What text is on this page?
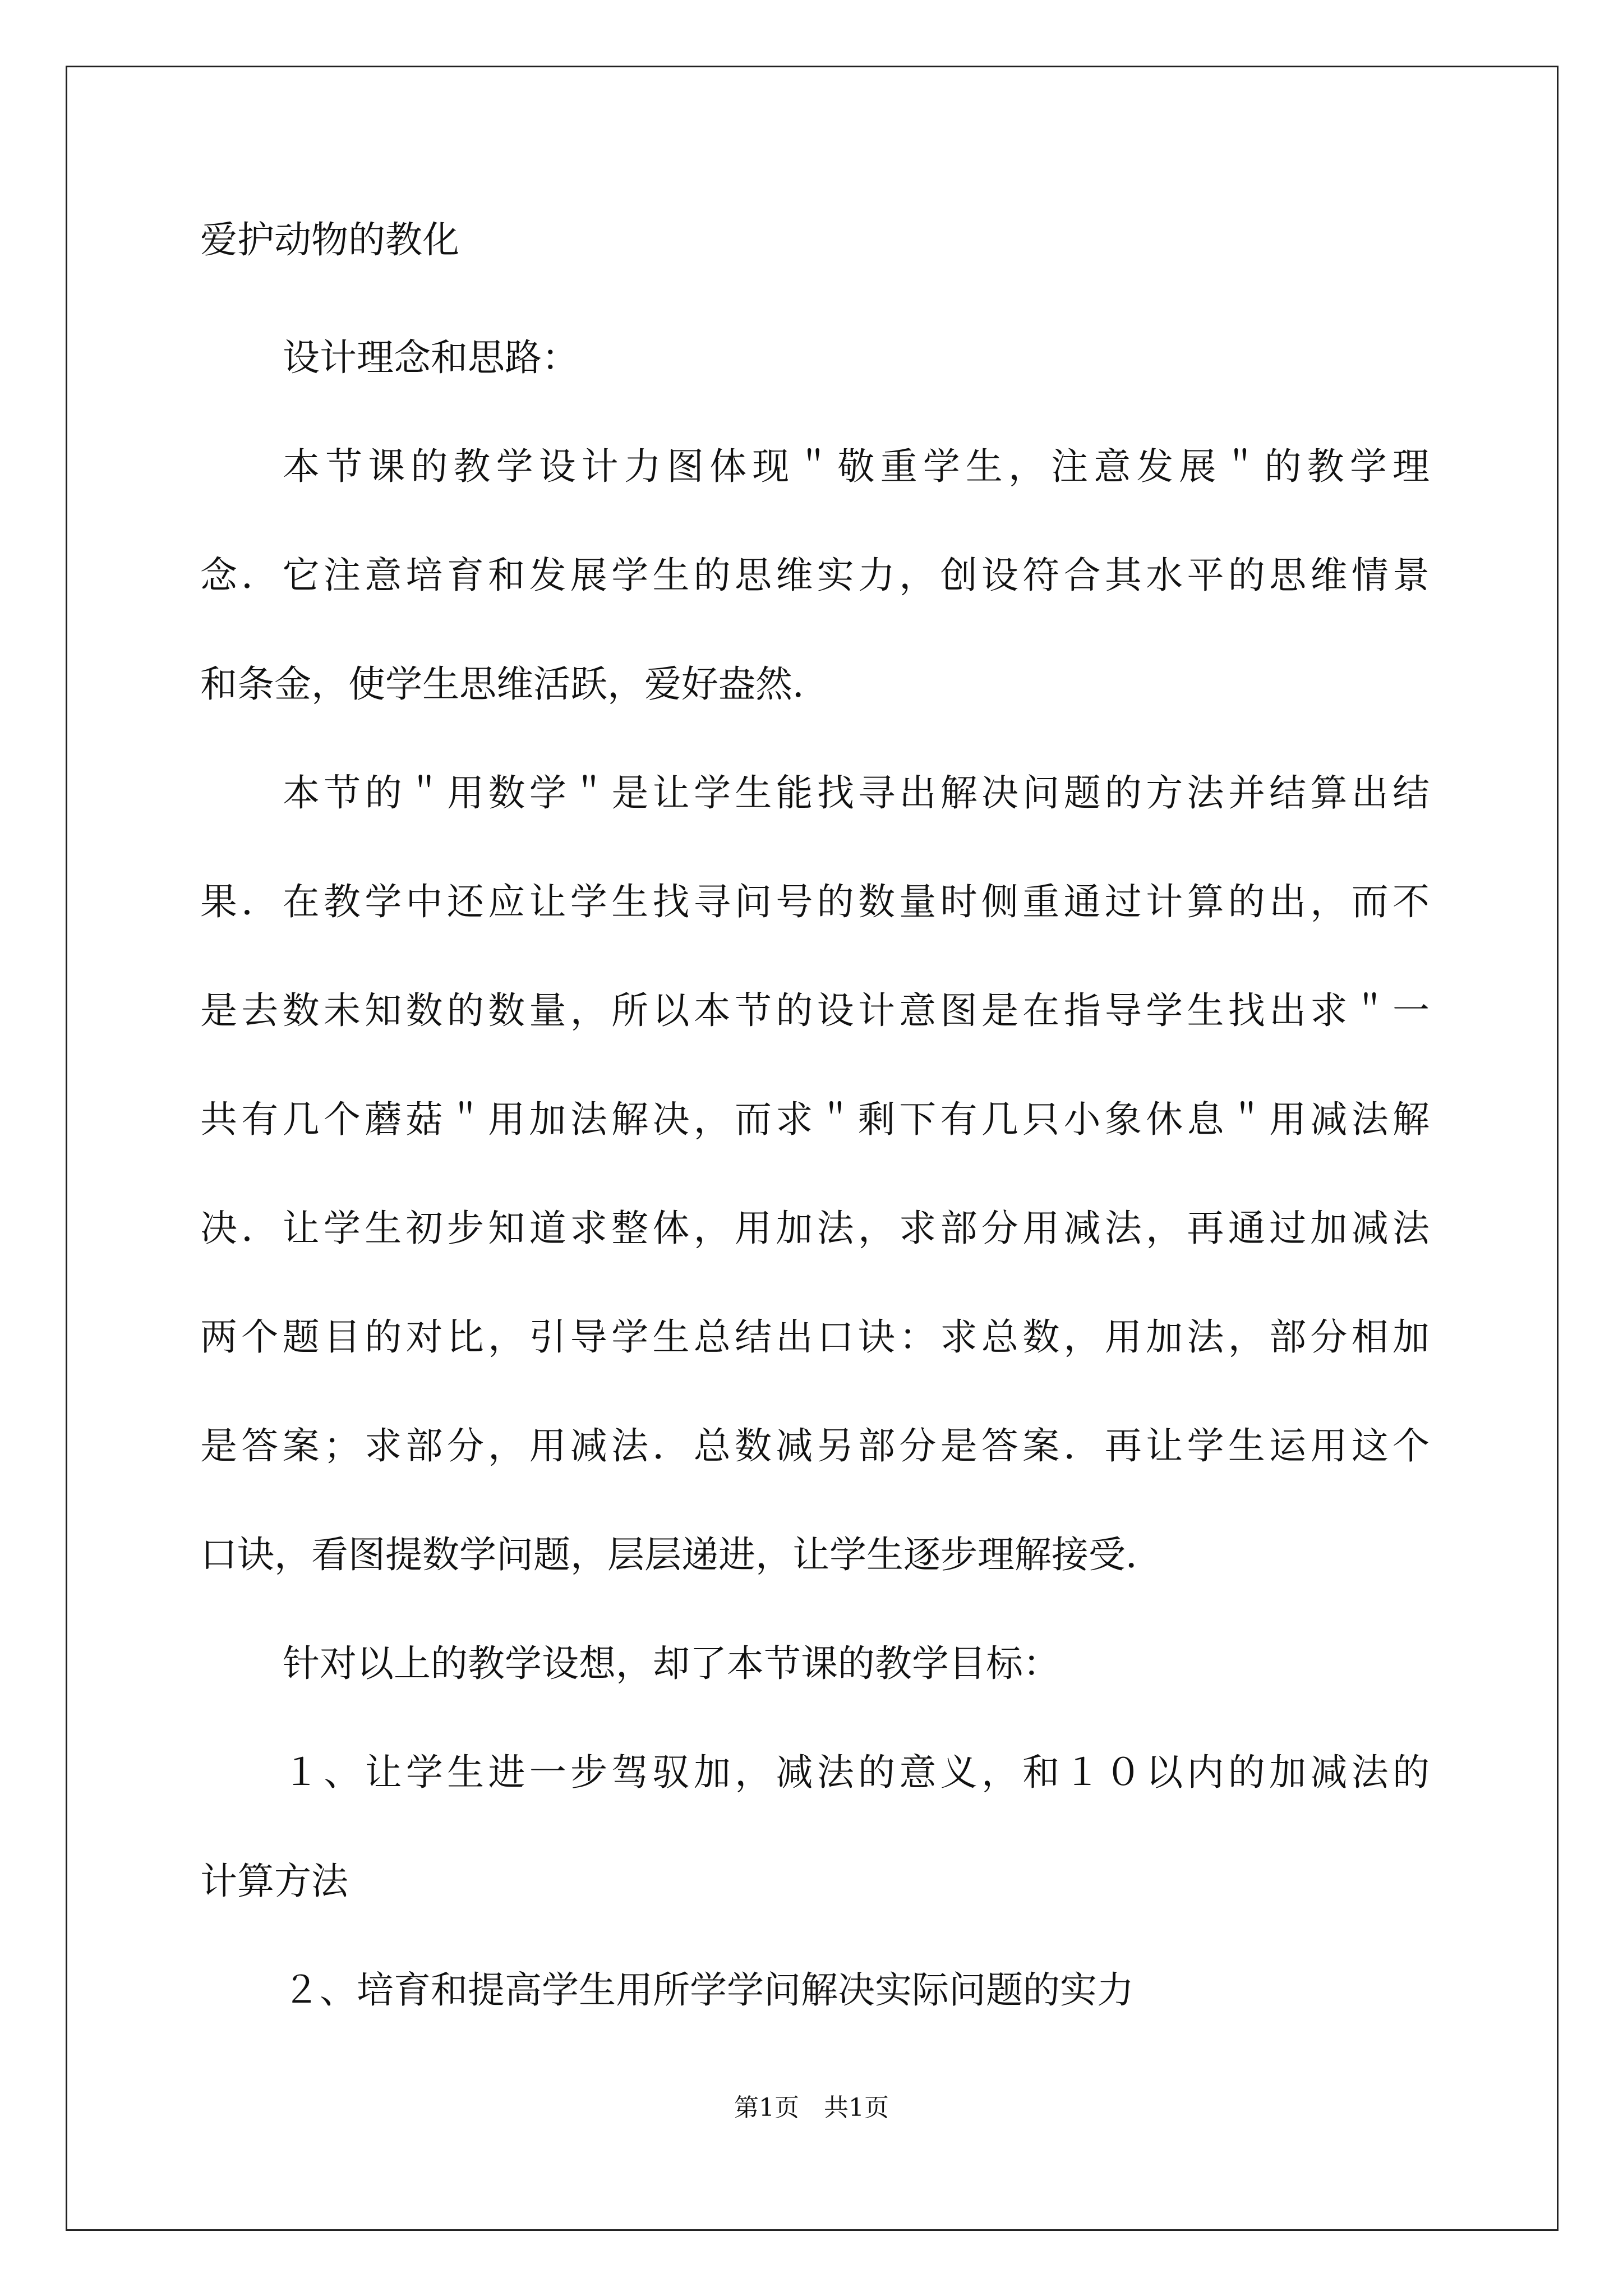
爱护动物的教化

设计理念和思路：

本节课的教学设计力图体现＂敬重学生，注意发展＂的教学理

念．它注意培育和发展学生的思维实力，创设符合其水平的思维情景

和条金，使学生思维活跃，爱好盎然．

本节的＂用数学＂是让学生能找寻出解决问题的方法并结算出结

果．在教学中还应让学生找寻问号的数量时侧重通过计算的出，而不

是去数未知数的数量，所以本节的设计意图是在指导学生找出求＂一

共有几个蘑菇＂用加法解决，而求＂剩下有几只小象休息＂用减法解

决．让学生初步知道求整体，用加法，求部分用减法，再通过加减法

两个题目的对比，引导学生总结出口诀：求总数，用加法，部分相加

是答案；求部分，用减法．总数减另部分是答案．再让学生运用这个

口诀，看图提数学问题，层层递进，让学生逐步理解接受．

针对以上的教学设想，却了本节课的教学目标：

１、让学生进一步驾驭加，减法的意义，和１０以内的加减法的

计算方法

２、培育和提高学生用所学学问解决实际问题的实力

第1页　共1页
